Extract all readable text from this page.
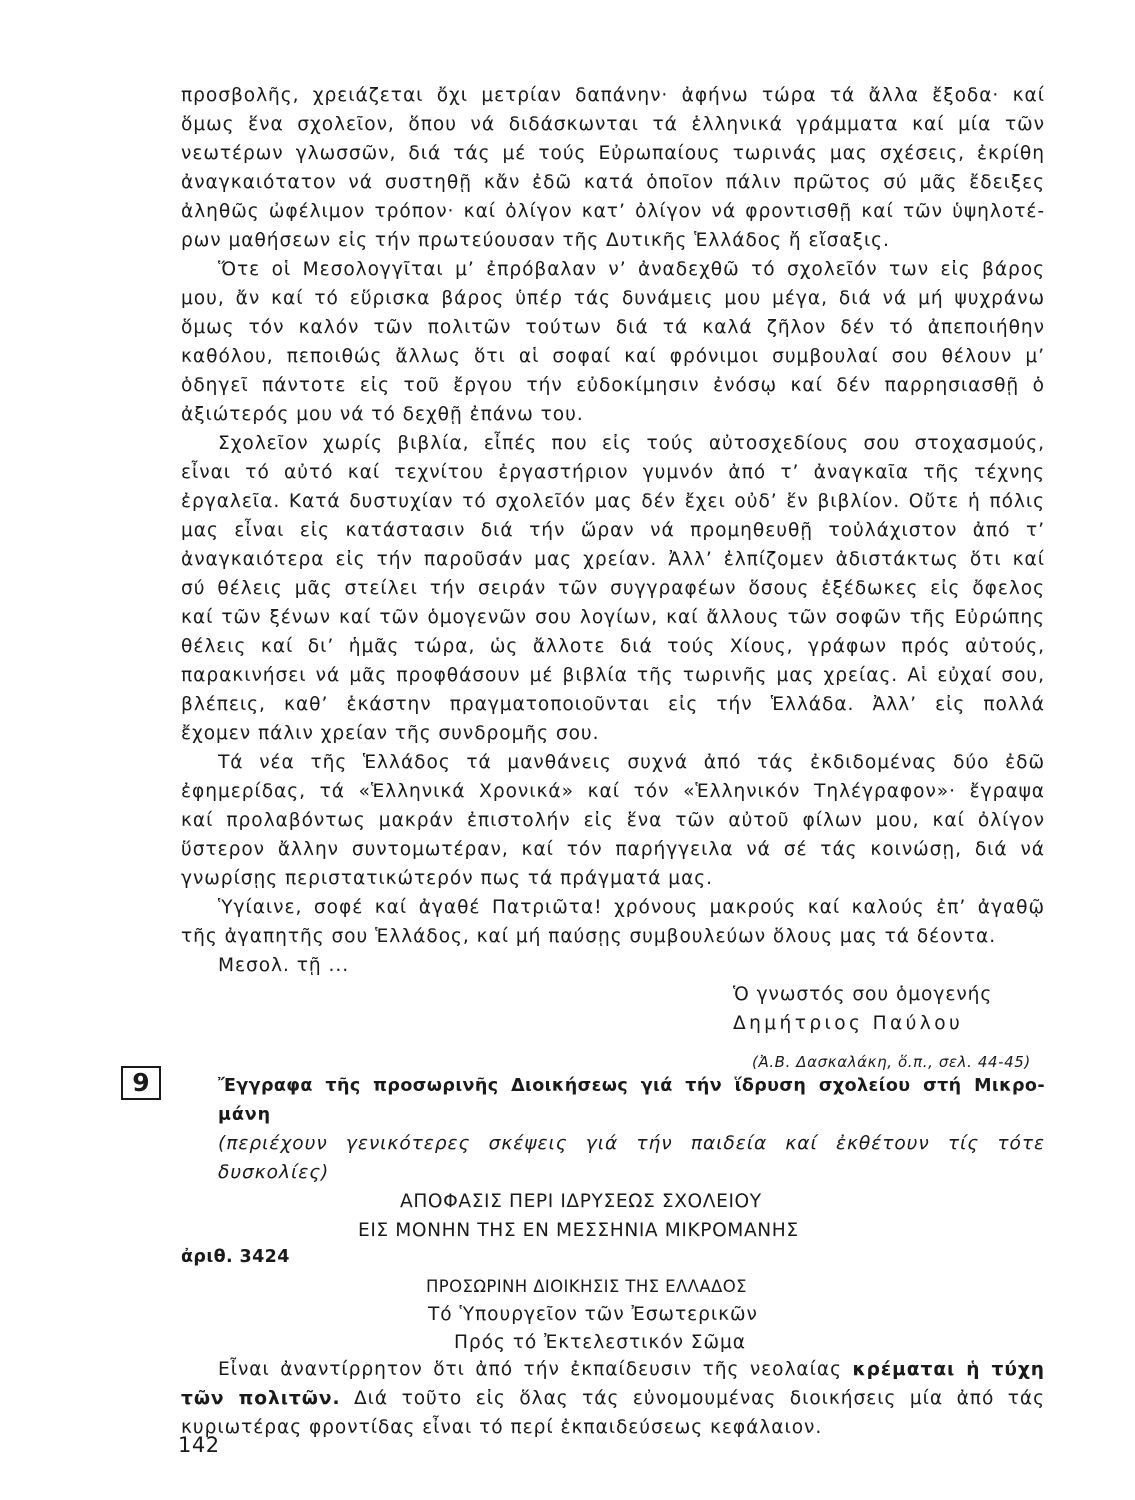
προσβολῆς, χρειάζεται ὄχι μετρίαν δαπάνην· ἀφήνω τώρα τά ἄλλα ἔξοδα· καί
ὅμως ἕνα σχολεῖον, ὅπου νά διδάσκωνται τά ἑλληνικά γράμματα καί μία τῶν
νεωτέρων γλωσσῶν, διά τάς μέ τούς Εὐρωπαίους τωρινάς μας σχέσεις, ἐκρίθη
ἀναγκαιότατον νά συστηθῇ κἄν ἐδῶ κατά ὁποῖον πάλιν πρῶτος σύ μᾶς ἔδειξες
ἀληθῶς ὠφέλιμον τρόπον· καί ὀλίγον κατ’ ὀλίγον νά φροντισθῇ καί τῶν ὑψηλοτέ-
ρων μαθήσεων εἰς τήν πρωτεύουσαν τῆς Δυτικῆς Ἑλλάδος ἤ εἴσαξις.
Ὅτε οἱ Μεσολογγῖται μ’ ἐπρόβαλαν ν’ ἀναδεχθῶ τό σχολεῖόν των εἰς βάρος
μου, ἄν καί τό εὕρισκα βάρος ὑπέρ τάς δυνάμεις μου μέγα, διά νά μή ψυχράνω
ὅμως τόν καλόν τῶν πολιτῶν τούτων διά τά καλά ζῆλον δέν τό ἀπεποιήθην
καθόλου, πεποιθώς ἄλλως ὅτι αἱ σοφαί καί φρόνιμοι συμβουλαί σου θέλουν μ’
ὁδηγεῖ πάντοτε εἰς τοῦ ἔργου τήν εὐδοκίμησιν ἐνόσῳ καί δέν παρρησιασθῇ ὁ
ἀξιώτερός μου νά τό δεχθῇ ἐπάνω του.
Σχολεῖον χωρίς βιβλία, εἶπές που εἰς τούς αὐτοσχεδίους σου στοχασμούς,
εἶναι τό αὐτό καί τεχνίτου ἐργαστήριον γυμνόν ἀπό τ’ ἀναγκαῖα τῆς τέχνης
ἐργαλεῖα. Κατά δυστυχίαν τό σχολεῖόν μας δέν ἔχει οὐδ’ ἕν βιβλίον. Οὔτε ἡ πόλις
μας εἶναι εἰς κατάστασιν διά τήν ὥραν νά προμηθευθῇ τοὐλάχιστον ἀπό τ’
ἀναγκαιότερα εἰς τήν παροῦσάν μας χρείαν. Ἀλλ’ ἐλπίζομεν ἀδιστάκτως ὅτι καί
σύ θέλεις μᾶς στείλει τήν σειράν τῶν συγγραφέων ὅσους ἐξέδωκες εἰς ὄφελος
καί τῶν ξένων καί τῶν ὁμογενῶν σου λογίων, καί ἄλλους τῶν σοφῶν τῆς Εὐρώπης
θέλεις καί δι’ ἡμᾶς τώρα, ὡς ἄλλοτε διά τούς Χίους, γράφων πρός αὐτούς,
παρακινήσει νά μᾶς προφθάσουν μέ βιβλία τῆς τωρινῆς μας χρείας. Αἱ εὐχαί σου,
βλέπεις, καθ’ ἑκάστην πραγματοποιοῦνται εἰς τήν Ἑλλάδα. Ἀλλ’ εἰς πολλά
ἔχομεν πάλιν χρείαν τῆς συνδρομῆς σου.
Τά νέα τῆς Ἑλλάδος τά μανθάνεις συχνά ἀπό τάς ἐκδιδομένας δύο ἐδῶ
ἐφημερίδας, τά «Ἑλληνικά Χρονικά» καί τόν «Ἑλληνικόν Τηλέγραφον»· ἔγραψα
καί προλαβόντως μακράν ἐπιστολήν εἰς ἕνα τῶν αὐτοῦ φίλων μου, καί ὀλίγον
ὕστερον ἄλλην συντομωτέραν, καί τόν παρήγγειλα νά σέ τάς κοινώσῃ, διά νά
γνωρίσῃς περιστατικώτερόν πως τά πράγματά μας.
Ὑγίαινε, σοφέ καί ἀγαθέ Πατριῶτα! χρόνους μακρούς καί καλούς ἐπ’ ἀγαθῷ
τῆς ἀγαπητῆς σου Ἑλλάδος, καί μή παύσῃς συμβουλεύων ὅλους μας τά δέοντα.
Μεσολ. τῇ ...
Ὁ γνωστός σου ὁμογενής
Δημήτριος Παύλου
(Ἀ.Β. Δασκαλάκη, ὅ.π., σελ. 44-45)
9	Ἔγγραφα τῆς προσωρινῆς Διοικήσεως γιά τήν ἵδρυση σχολείου στή Μικρο-
μάνη
(περιέχουν γενικότερες σκέψεις γιά τήν παιδεία καί ἐκθέτουν τίς τότε
δυσκολίες)
ΑΠΟΦΑΣΙΣ ΠΕΡΙ ΙΔΡΥΣΕΩΣ ΣΧΟΛΕΙΟΥ
ΕΙΣ ΜΟΝΗΝ ΤΗΣ ΕΝ ΜΕΣΣΗΝΙΑ ΜΙΚΡΟΜΑΝΗΣ
ἀριθ. 3424
ΠΡΟΣΩΡΙΝΗ ΔΙΟΙΚΗΣΙΣ ΤΗΣ ΕΛΛΑΔΟΣ
Τό Ὑπουργεῖον τῶν Ἐσωτερικῶν
Πρός τό Ἐκτελεστικόν Σῶμα
Εἶναι ἀναντίρρητον ὅτι ἀπό τήν ἐκπαίδευσιν τῆς νεολαίας κρέμαται ἡ τύχη
τῶν πολιτῶν. Διά τοῦτο εἰς ὅλας τάς εὐνομουμένας διοικήσεις μία ἀπό τάς
κυριωτέρας φροντίδας εἶναι τό περί ἐκπαιδεύσεως κεφάλαιον.
142
